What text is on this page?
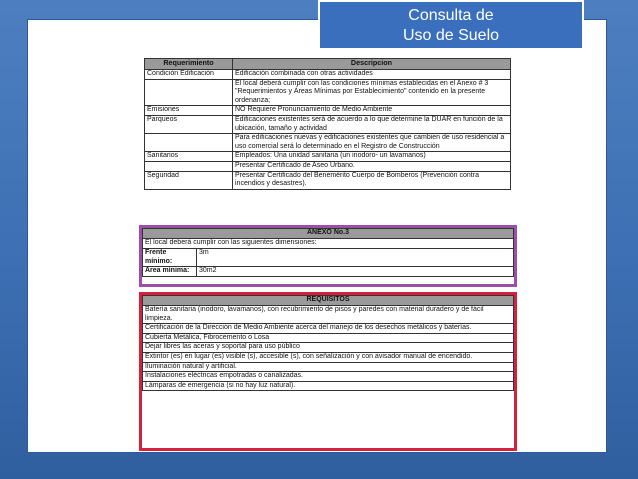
Consulta de
Uso de Suelo
Requerimiento	Descripcion
Condición Edificación	Edificación combinada con otras actividades
	El local deberá cumplir con las condiciones mínimas establecidas en el Anexo # 3 "Requerimientos y Áreas Mínimas por Establecimiento" contenido en la presente ordenanza;
Emisiones	NO Requiere Pronunciamiento de Medio Ambiente
Parqueos	Edificaciones existentes será de acuerdo a lo que determine la DUAR en función de la ubicación, tamaño y actividad
	Para edificaciones nuevas y edificaciones existentes que cambien de uso residencial a uso comercial será lo determinado en el Registro de Construcción
Sanitarios	Empleados: Una unidad sanitaria (un inodoro- un lavamanos)
	Presentar Certificado de Aseo Urbano.
Seguridad	Presentar Certificado del Benemérito Cuerpo de Bomberos (Prevención contra incendios y desastres).
ANEXO No.3	
El local deberá cumplir con las siguientes dimensiones:	
Frente mínimo:	3m
Área mínima:	30m2
REQUISITOS
Batería sanitaria (inodoro, lavamanos), con recubrimiento de pisos y paredes con material duradero y de fácil limpieza.
Certificación de la Dirección de Medio Ambiente acerca del manejo de los desechos metálicos y baterías.
Cubierta Metálica, Fibrocemento o Losa
Dejar libres las aceras y soportal para uso público
Extintor (es) en lugar (es) visible (s), accesible (s), con señalización y con avisador manual de encendido.
Iluminación natural y artificial.
Instalaciones eléctricas empotradas o canalizadas.
Lámparas de emergencia (si no hay luz natural).
